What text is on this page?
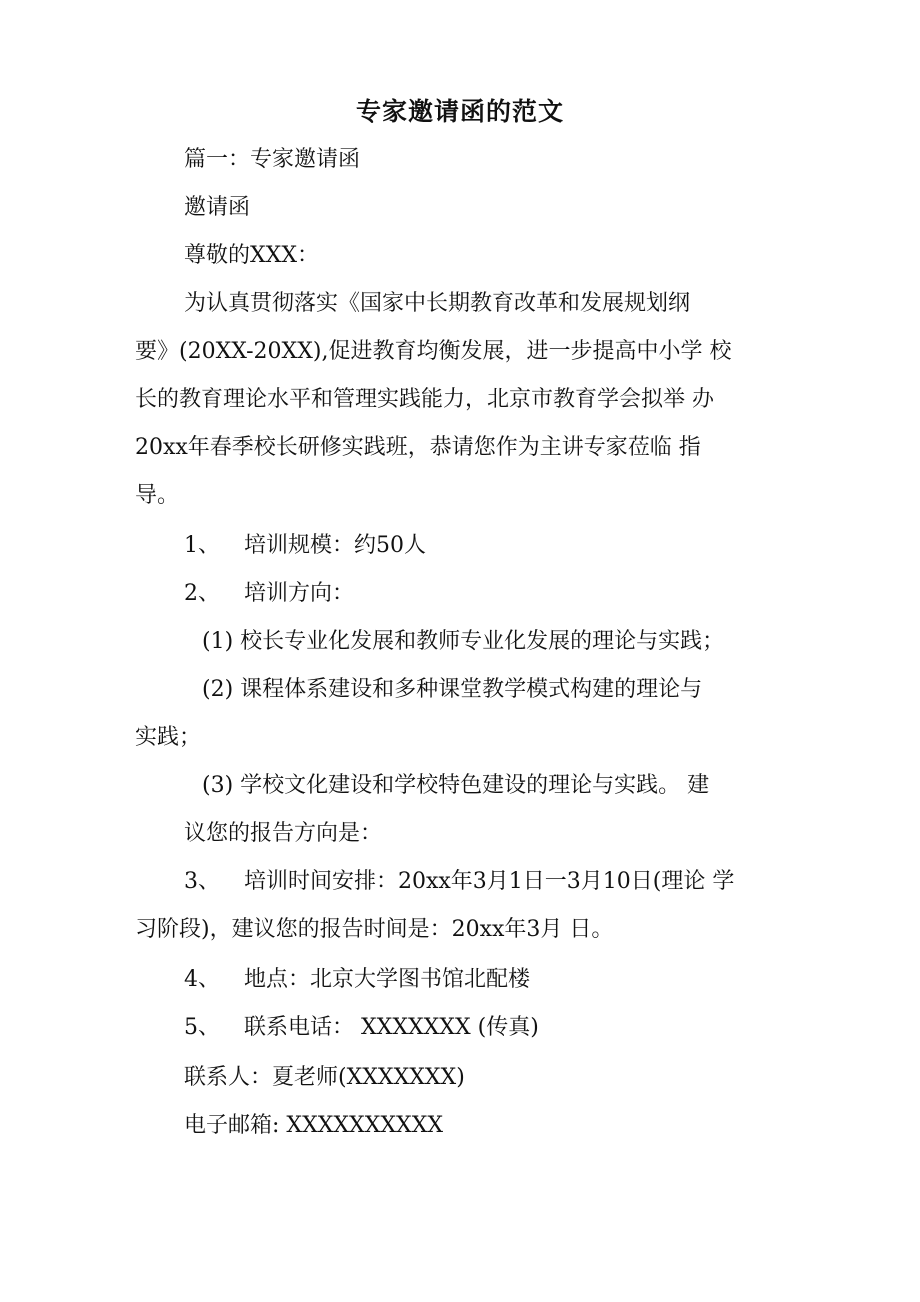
专家邀请函的范文
篇一：专家邀请函
邀请函
尊敬的XXX：
为认真贯彻落实《国家中长期教育改革和发展规划纲
要》(20XX-20XX),促进教育均衡发展，进一步提高中小学 校
长的教育理论水平和管理实践能力，北京市教育学会拟举 办
20xx年春季校长研修实践班，恭请您作为主讲专家莅临 指
导。
1、 培训规模：约50人
2、 培训方向：
(1) 校长专业化发展和教师专业化发展的理论与实践；
(2) 课程体系建设和多种课堂教学模式构建的理论与
实践；
(3) 学校文化建设和学校特色建设的理论与实践。 建
议您的报告方向是：
3、 培训时间安排：20xx年3月1日一3月10日(理论 学
习阶段)，建议您的报告时间是：20xx年3月 日。
4、 地点：北京大学图书馆北配楼
5、 联系电话： XXXXXXX (传真)
联系人：夏老师(XXXXXXX)
电子邮箱: XXXXXXXXXX
